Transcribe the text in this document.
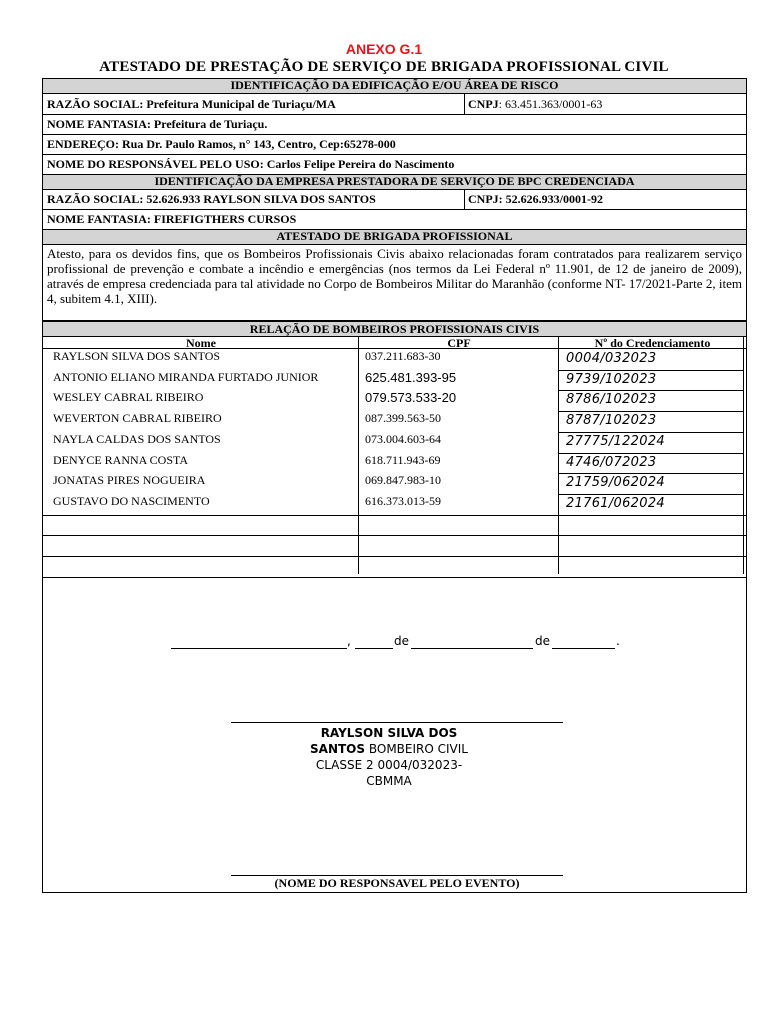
ANEXO G.1
ATESTADO DE PRESTAÇÃO DE SERVIÇO DE BRIGADA PROFISSIONAL CIVIL
IDENTIFICAÇÃO DA EDIFICAÇÃO E/OU ÁREA DE RISCO
RAZÃO SOCIAL: Prefeitura Municipal de Turiaçu/MA	CNPJ: 63.451.363/0001-63
NOME FANTASIA: Prefeitura de Turiaçu.
ENDEREÇO: Rua Dr. Paulo Ramos, n° 143, Centro, Cep:65278-000
NOME DO RESPONSÁVEL PELO USO: Carlos Felipe Pereira do Nascimento
IDENTIFICAÇÃO DA EMPRESA PRESTADORA DE SERVIÇO DE BPC CREDENCIADA
RAZÃO SOCIAL: 52.626.933 RAYLSON SILVA DOS SANTOS	CNPJ: 52.626.933/0001-92
NOME FANTASIA: FIREFIGTHERS CURSOS
ATESTADO DE BRIGADA PROFISSIONAL
Atesto, para os devidos fins, que os Bombeiros Profissionais Civis abaixo relacionadas foram contratados para realizarem serviço profissional de prevenção e combate a incêndio e emergências (nos termos da Lei Federal nº 11.901, de 12 de janeiro de 2009), através de empresa credenciada para tal atividade no Corpo de Bombeiros Militar do Maranhão (conforme NT- 17/2021-Parte 2, item 4, subitem 4.1, XIII).
RELAÇÃO DE BOMBEIROS PROFISSIONAIS CIVIS
Nome	CPF	Nº do Credenciamento
RAYLSON SILVA DOS SANTOS	037.211.683-30	0004/032023
ANTONIO ELIANO MIRANDA FURTADO JUNIOR	625.481.393-95	9739/102023
WESLEY CABRAL RIBEIRO	079.573.533-20	8786/102023
WEVERTON CABRAL RIBEIRO	087.399.563-50	8787/102023
NAYLA CALDAS DOS SANTOS	073.004.603-64	27775/122024
DENYCE RANNA COSTA	618.711.943-69	4746/072023
JONATAS PIRES NOGUEIRA	069.847.983-10	21759/062024
GUSTAVO DO NASCIMENTO	616.373.013-59	21761/062024
,	de	de	.
RAYLSON SILVA DOS
SANTOS BOMBEIRO CIVIL
CLASSE 2 0004/032023-
CBMMA
(NOME DO RESPONSAVEL PELO EVENTO)
